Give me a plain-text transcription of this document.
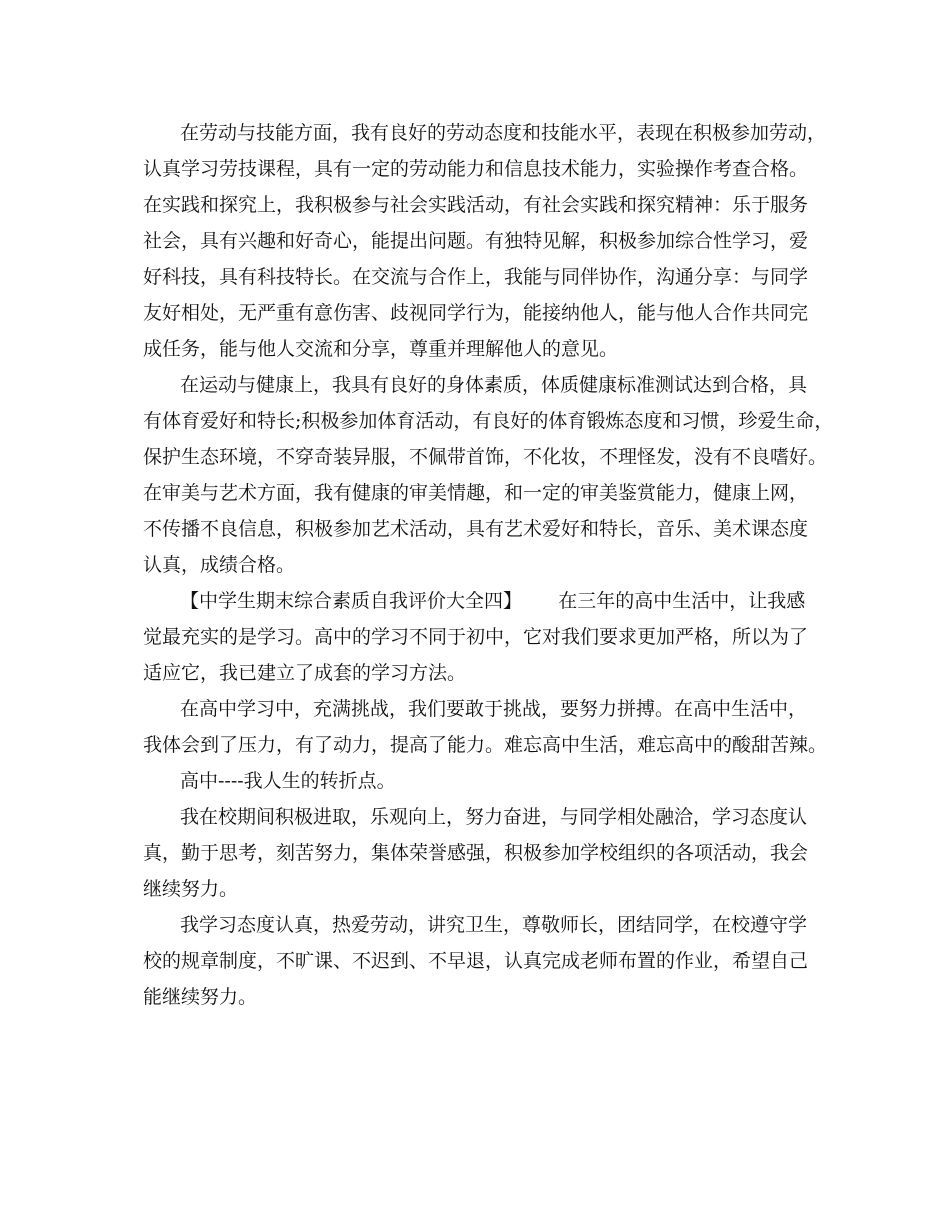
在劳动与技能方面，我有良好的劳动态度和技能水平，表现在积极参加劳动，
认真学习劳技课程，具有一定的劳动能力和信息技术能力，实验操作考查合格。
在实践和探究上，我积极参与社会实践活动，有社会实践和探究精神：乐于服务
社会，具有兴趣和好奇心，能提出问题。有独特见解，积极参加综合性学习，爱
好科技，具有科技特长。在交流与合作上，我能与同伴协作，沟通分享：与同学
友好相处，无严重有意伤害、歧视同学行为，能接纳他人，能与他人合作共同完
成任务，能与他人交流和分享，尊重并理解他人的意见。
在运动与健康上，我具有良好的身体素质，体质健康标准测试达到合格，具
有体育爱好和特长;积极参加体育活动，有良好的体育锻炼态度和习惯，珍爱生命，
保护生态环境，不穿奇装异服，不佩带首饰，不化妆，不理怪发，没有不良嗜好。
在审美与艺术方面，我有健康的审美情趣，和一定的审美鉴赏能力，健康上网，
不传播不良信息，积极参加艺术活动，具有艺术爱好和特长，音乐、美术课态度
认真，成绩合格。
【中学生期末综合素质自我评价大全四】      在三年的高中生活中，让我感
觉最充实的是学习。高中的学习不同于初中，它对我们要求更加严格，所以为了
适应它，我已建立了成套的学习方法。
在高中学习中，充满挑战，我们要敢于挑战，要努力拼搏。在高中生活中，
我体会到了压力，有了动力，提高了能力。难忘高中生活，难忘高中的酸甜苦辣。
高中----我人生的转折点。
我在校期间积极进取，乐观向上，努力奋进，与同学相处融洽，学习态度认
真，勤于思考，刻苦努力，集体荣誉感强，积极参加学校组织的各项活动，我会
继续努力。
我学习态度认真，热爱劳动，讲究卫生，尊敬师长，团结同学，在校遵守学
校的规章制度，不旷课、不迟到、不早退，认真完成老师布置的作业，希望自己
能继续努力。
